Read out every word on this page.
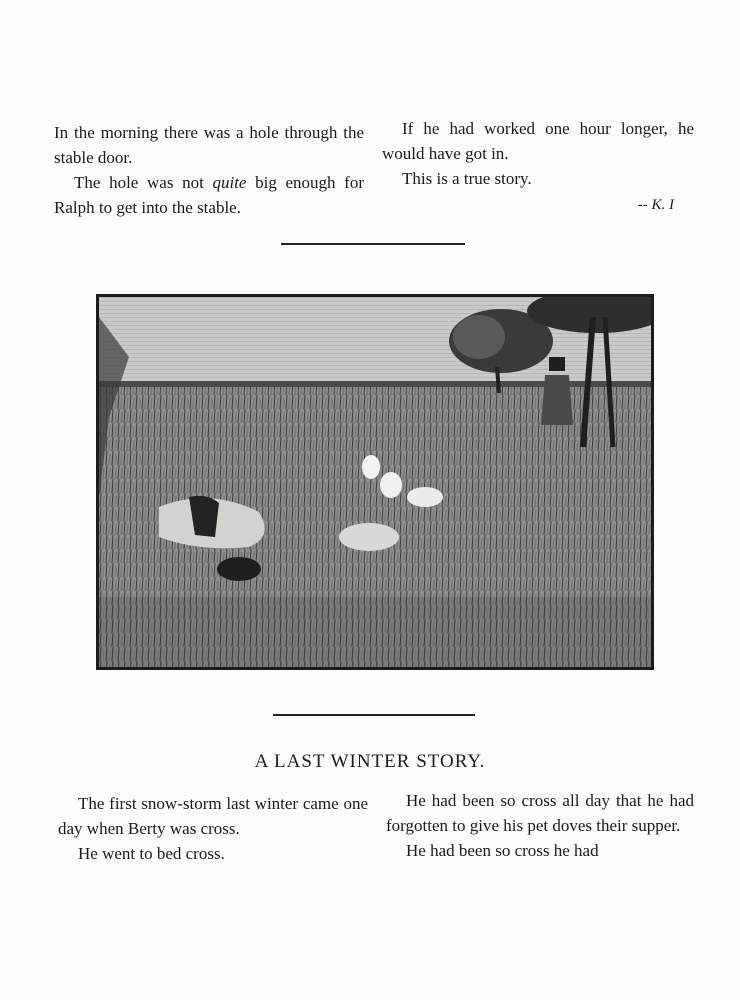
In the morning there was a hole through the stable door.

The hole was not quite big enough for Ralph to get into the stable.

If he had worked one hour longer, he would have got in.

This is a true story.

-- K. I
A LAST WINTER STORY.

The first snow-storm last winter came one day when Berty was cross.

He went to bed cross.

He had been so cross all day that he had forgotten to give his pet doves their supper.

He had been so cross he had
